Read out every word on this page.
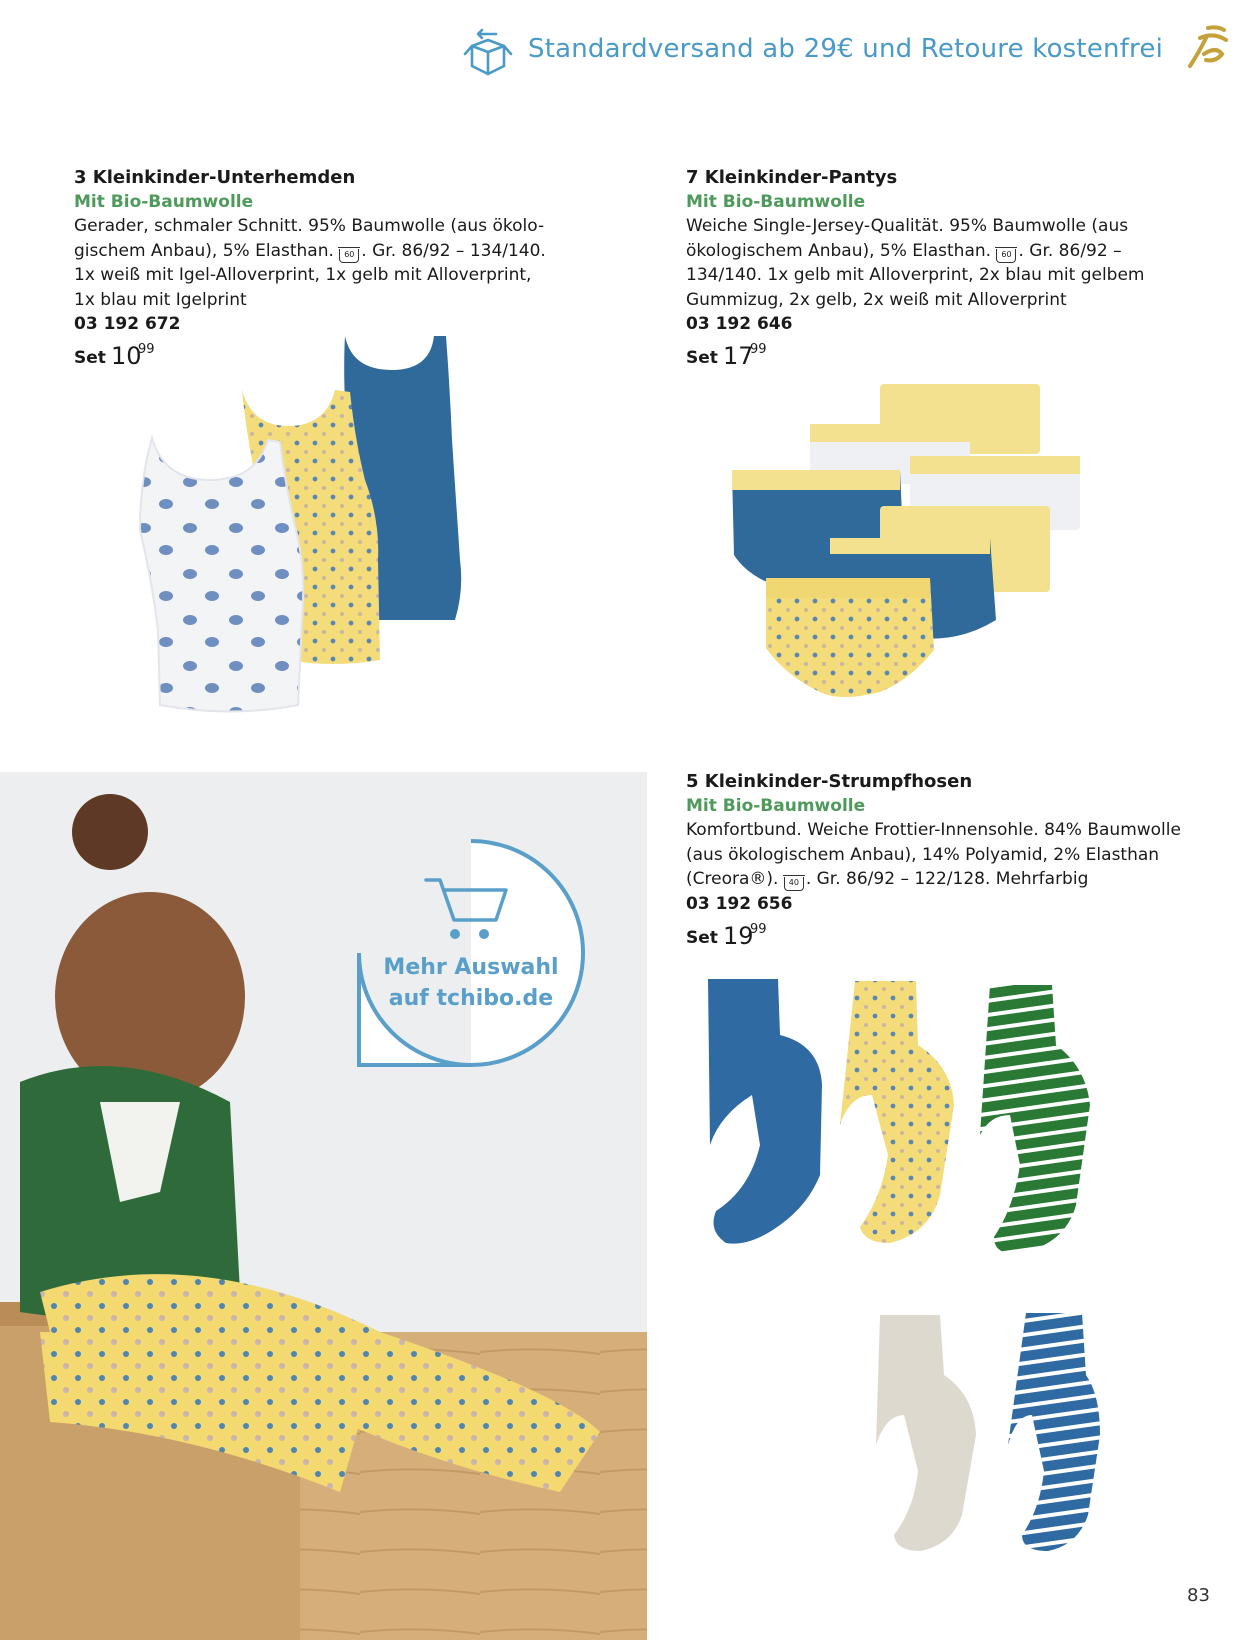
Standardversand ab 29€ und Retoure kostenfrei
3 Kleinkinder-Unterhemden
Mit Bio-Baumwolle
Gerader, schmaler Schnitt. 95% Baumwolle (aus ökolo-
gischem Anbau), 5% Elasthan. 60 . Gr. 86/92 – 134/140.
1x weiß mit Igel-Alloverprint, 1x gelb mit Alloverprint,
1x blau mit Igelprint
03 192 672
Set 10
99
7 Kleinkinder-Pantys
Mit Bio-Baumwolle
Weiche Single-Jersey-Qualität. 95% Baumwolle (aus
ökologischem Anbau), 5% Elasthan. 60 . Gr. 86/92 –
134/140. 1x gelb mit Alloverprint, 2x blau mit gelbem
Gummizug, 2x gelb, 2x weiß mit Alloverprint
03 192 646
Set 17
99
5 Kleinkinder-Strumpfhosen
Mit Bio-Baumwolle
Komfortbund. Weiche Frottier-Innensohle. 84% Baumwolle
(aus ökologischem Anbau), 14% Polyamid, 2% Elasthan
(Creora®). 40 . Gr. 86/92 – 122/128. Mehrfarbig
03 192 656
Set 19
99
Mehr Auswahl
auf tchibo.de
83
